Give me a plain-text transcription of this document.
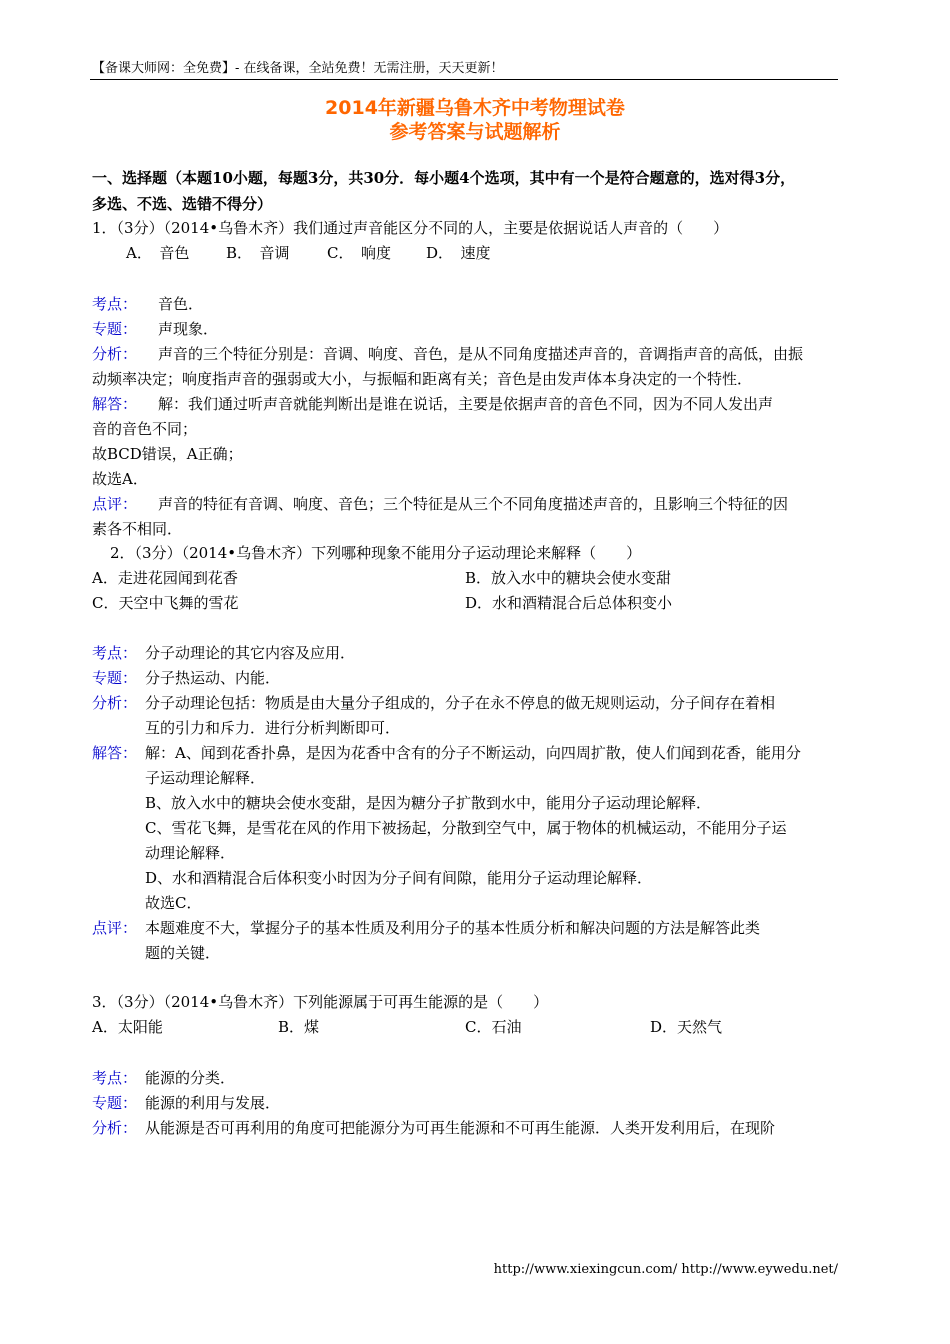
【备课大师网：全免费】- 在线备课，全站免费！无需注册，天天更新！
2014年新疆乌鲁木齐中考物理试卷
参考答案与试题解析
一、选择题（本题10小题，每题3分，共30分．每小题4个选项，其中有一个是符合题意的，选对得3分，
多选、不选、选错不得分）
1．（3分）（2014•乌鲁木齐）我们通过声音能区分不同的人，主要是依据说话人声音的（　　）
A．　音色 B．　音调 C．　响度 D．　速度
考点： 音色．
专题： 声现象．
分析： 声音的三个特征分别是：音调、响度、音色，是从不同角度描述声音的，音调指声音的高低，由振
动频率决定；响度指声音的强弱或大小，与振幅和距离有关；音色是由发声体本身决定的一个特性．
解答： 解：我们通过听声音就能判断出是谁在说话，主要是依据声音的音色不同，因为不同人发出声
音的音色不同；
故BCD错误，A正确；
故选A．
点评： 声音的特征有音调、响度、音色；三个特征是从三个不同角度描述声音的，且影响三个特征的因
素各不相同．
2．（3分）（2014•乌鲁木齐）下列哪种现象不能用分子运动理论来解释（　　）
A．走进花园闻到花香	B．放入水中的糖块会使水变甜
C．天空中飞舞的雪花	D．水和酒精混合后总体积变小
考点： 分子动理论的其它内容及应用．
专题： 分子热运动、内能．
分析： 分子动理论包括：物质是由大量分子组成的，分子在永不停息的做无规则运动，分子间存在着相
互的引力和斥力．进行分析判断即可．
解答： 解：A、闻到花香扑鼻，是因为花香中含有的分子不断运动，向四周扩散，使人们闻到花香，能用分
子运动理论解释．
B、放入水中的糖块会使水变甜，是因为糖分子扩散到水中，能用分子运动理论解释．
C、雪花飞舞，是雪花在风的作用下被扬起，分散到空气中，属于物体的机械运动，不能用分子运
动理论解释．
D、水和酒精混合后体积变小时因为分子间有间隙，能用分子运动理论解释．
故选C．
点评： 本题难度不大，掌握分子的基本性质及利用分子的基本性质分析和解决问题的方法是解答此类
题的关键．
3．（3分）（2014•乌鲁木齐）下列能源属于可再生能源的是（　　）
A．太阳能	B．煤	C．石油	D．天然气
考点： 能源的分类．
专题： 能源的利用与发展．
分析： 从能源是否可再利用的角度可把能源分为可再生能源和不可再生能源．人类开发利用后，在现阶
http://www.xiexingcun.com/ http://www.eywedu.net/
